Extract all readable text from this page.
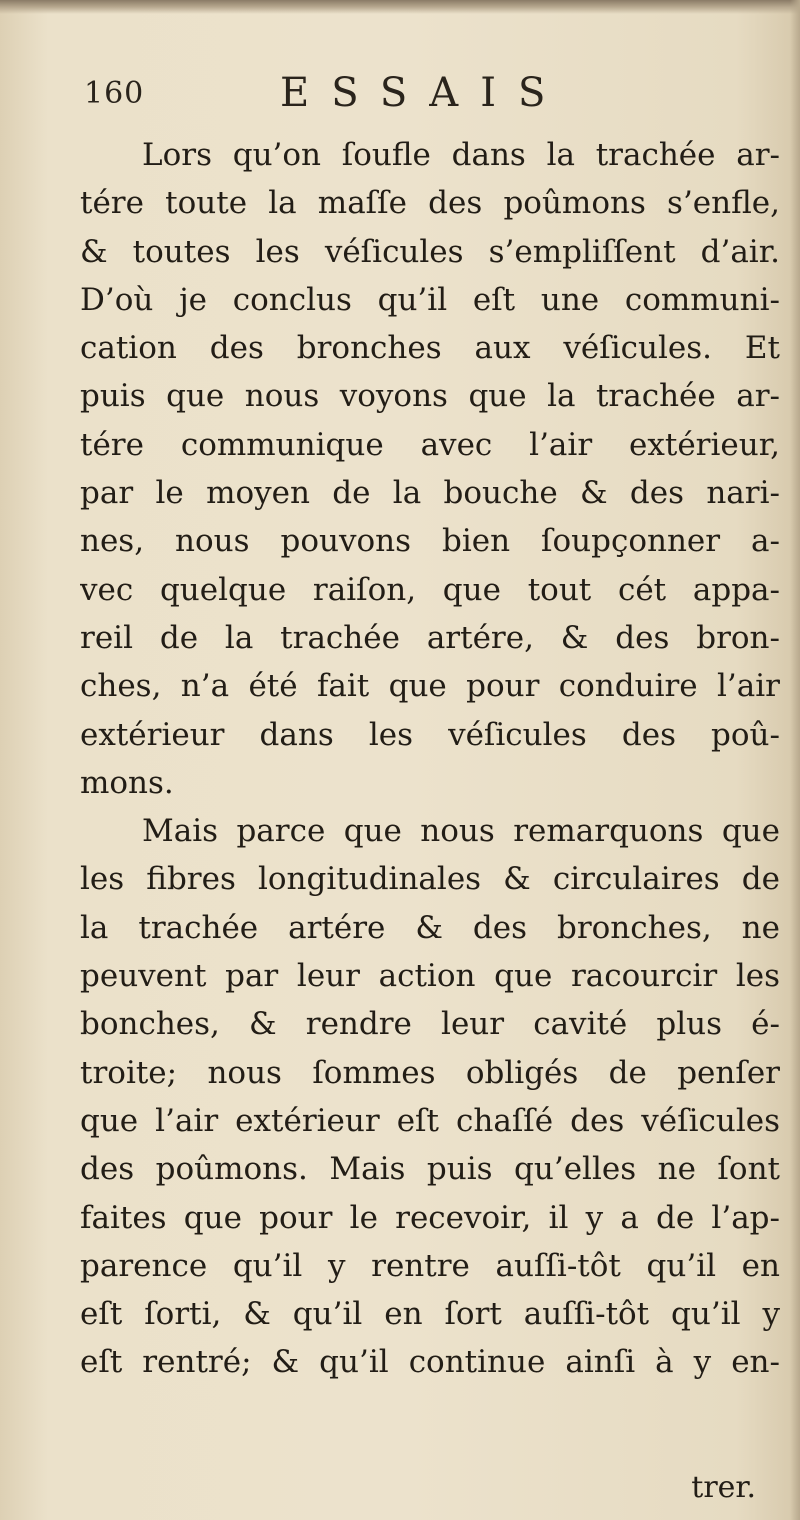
160	ESSAIS
Lors qu’on ſoufle dans la trachée ar-
tére toute la maſſe des poûmons s’enfle,
& toutes les véſicules s’empliſſent d’air.
D’où je conclus qu’il eſt une communi-
cation des bronches aux véſicules. Et
puis que nous voyons que la trachée ar-
tére communique avec l’air extérieur,
par le moyen de la bouche & des nari-
nes, nous pouvons bien ſoupçonner a-
vec quelque raiſon, que tout cét appa-
reil de la trachée artére, & des bron-
ches, n’a été fait que pour conduire l’air
extérieur dans les véſicules des poû-
mons.
Mais parce que nous remarquons que
les fibres longitudinales & circulaires de
la trachée artére & des bronches, ne
peuvent par leur action que racourcir les
bonches, & rendre leur cavité plus é-
troite; nous ſommes obligés de penſer
que l’air extérieur eſt chaſſé des véſicules
des poûmons. Mais puis qu’elles ne ſont
faites que pour le recevoir, il y a de l’ap-
parence qu’il y rentre auſſi-tôt qu’il en
eſt ſorti, & qu’il en ſort auſſi-tôt qu’il y
eſt rentré; & qu’il continue ainſi à y en-
trer.
